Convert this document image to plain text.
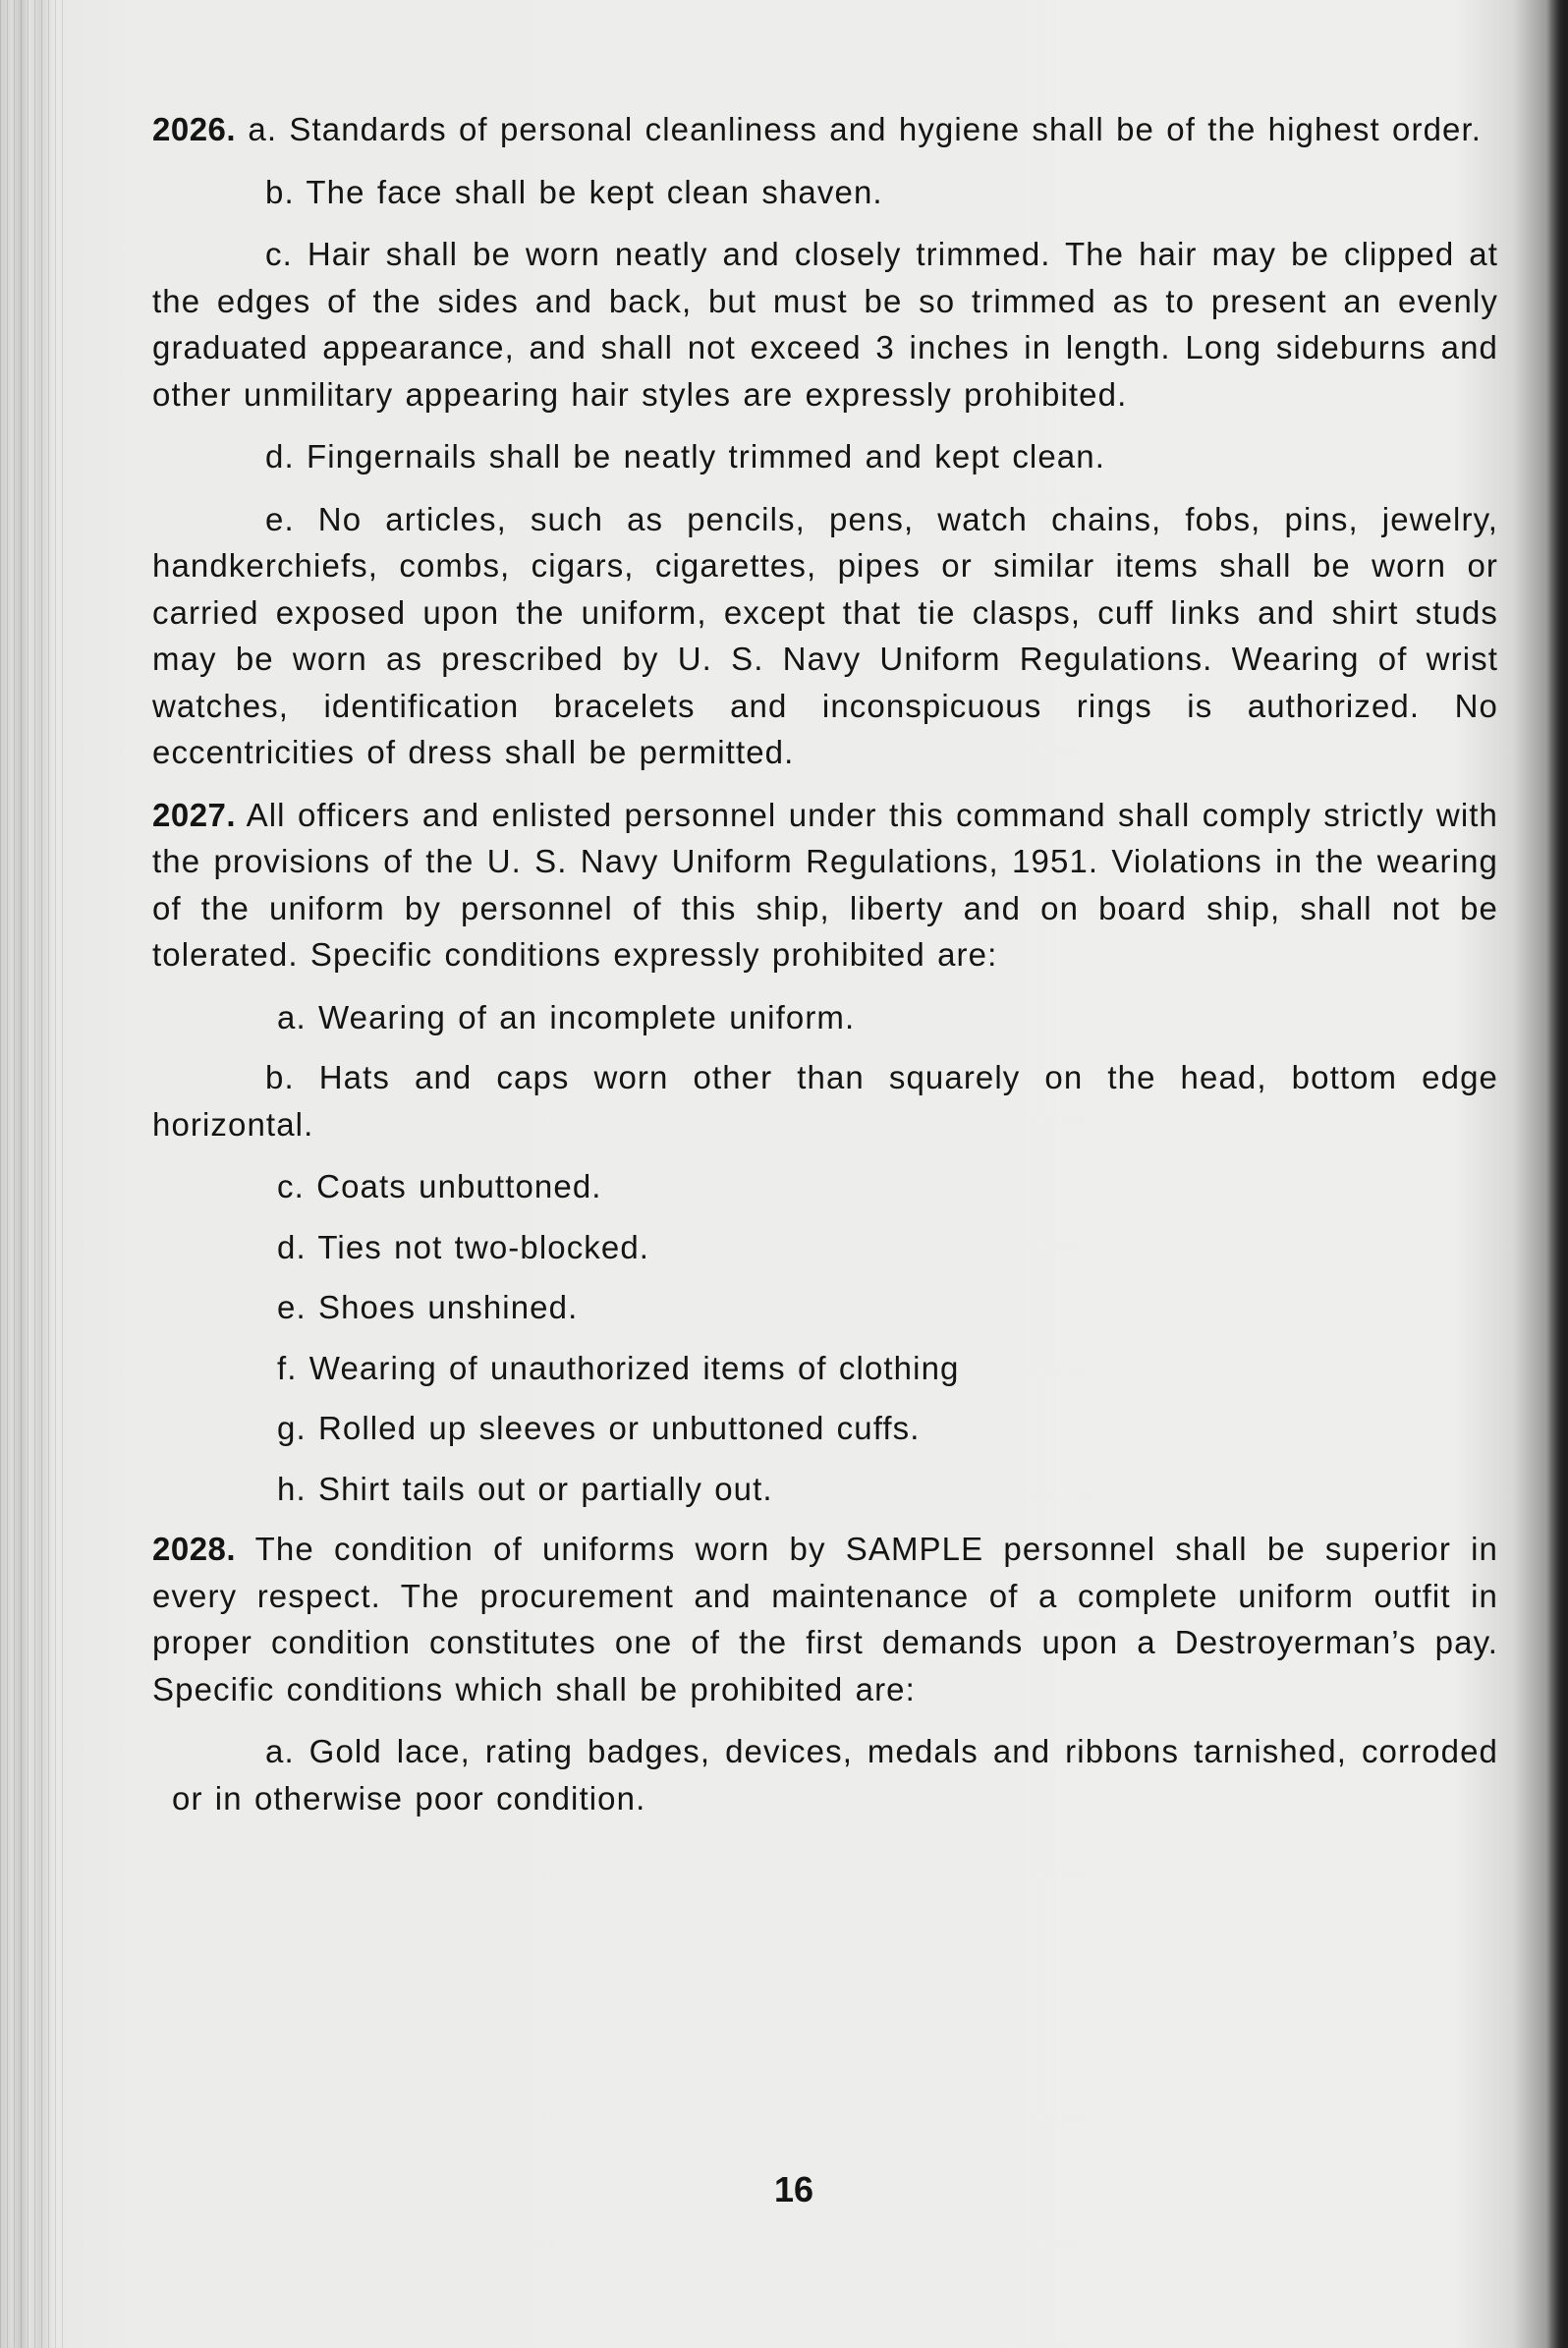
2026. a. Standards of personal cleanliness and hygiene shall be of the highest order.

b. The face shall be kept clean shaven.

c. Hair shall be worn neatly and closely trimmed. The hair may be clipped at the edges of the sides and back, but must be so trimmed as to present an evenly graduated appearance, and shall not exceed 3 inches in length. Long sideburns and other unmilitary appearing hair styles are expressly prohibited.

d. Fingernails shall be neatly trimmed and kept clean.

e. No articles, such as pencils, pens, watch chains, fobs, pins, jewelry, handkerchiefs, combs, cigars, cigarettes, pipes or similar items shall be worn or carried exposed upon the uniform, except that tie clasps, cuff links and shirt studs may be worn as prescribed by U. S. Navy Uniform Regulations. Wearing of wrist watches, identification bracelets and inconspicuous rings is authorized. No eccentricities of dress shall be permitted.

2027. All officers and enlisted personnel under this command shall comply strictly with the provisions of the U. S. Navy Uniform Regulations, 1951. Violations in the wearing of the uniform by personnel of this ship, liberty and on board ship, shall not be tolerated. Specific conditions expressly prohibited are:

a. Wearing of an incomplete uniform.

b. Hats and caps worn other than squarely on the head, bottom edge horizontal.

c. Coats unbuttoned.

d. Ties not two-blocked.

e. Shoes unshined.

f. Wearing of unauthorized items of clothing

g. Rolled up sleeves or unbuttoned cuffs.

h. Shirt tails out or partially out.

2028. The condition of uniforms worn by SAMPLE personnel shall be superior in every respect. The procurement and maintenance of a complete uniform outfit in proper condition constitutes one of the first demands upon a Destroyerman’s pay. Specific conditions which shall be prohibited are:

a. Gold lace, rating badges, devices, medals and ribbons tarnished, corroded or in otherwise poor condition.

16
